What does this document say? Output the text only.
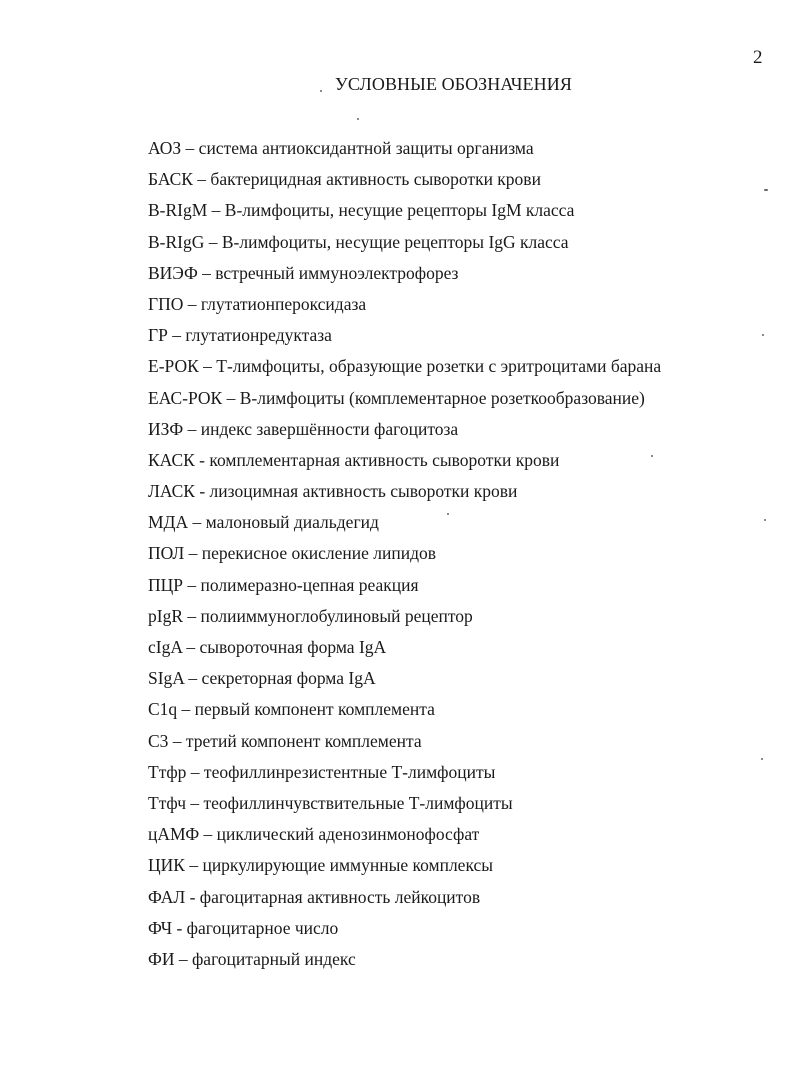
2
УСЛОВНЫЕ ОБОЗНАЧЕНИЯ
АОЗ – система антиоксидантной защиты организма
БАСК – бактерицидная активность сыворотки крови
B-RIgM – В-лимфоциты, несущие рецепторы IgM класса
B-RIgG – В-лимфоциты, несущие рецепторы IgG класса
ВИЭФ – встречный иммуноэлектрофорез
ГПО – глутатионпероксидаза
ГР – глутатионредуктаза
Е-РОК – Т-лимфоциты, образующие розетки с эритроцитами барана
ЕАС-РОК – В-лимфоциты (комплементарное розеткообразование)
ИЗФ – индекс завершённости фагоцитоза
КАСК - комплементарная активность сыворотки крови
ЛАСК - лизоцимная активность сыворотки крови
МДА – малоновый диальдегид
ПОЛ – перекисное окисление липидов
ПЦР – полимеразно-цепная реакция
pIgR – полииммуноглобулиновый рецептор
cIgA – сывороточная форма IgA
SIgA – секреторная форма IgA
C1q – первый компонент комплемента
C3 – третий компонент комплемента
Ттфр – теофиллинрезистентные Т-лимфоциты
Ттфч – теофиллинчувствительные Т-лимфоциты
цАМФ – циклический аденозинмонофосфат
ЦИК – циркулирующие иммунные комплексы
ФАЛ - фагоцитарная активность лейкоцитов
ФЧ - фагоцитарное число
ФИ – фагоцитарный индекс
